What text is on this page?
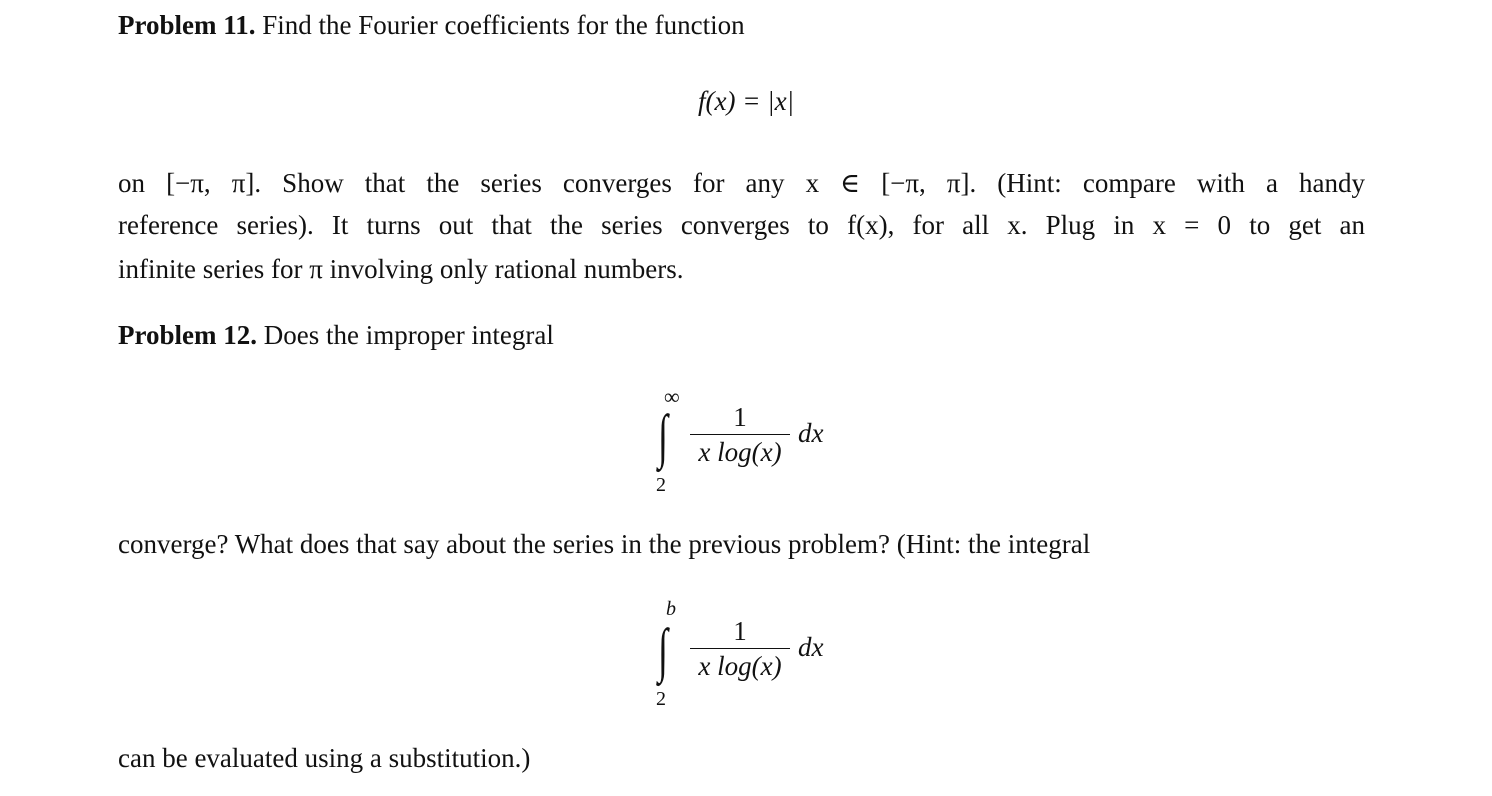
Problem 11. Find the Fourier coefficients for the function
f(x) = |x|
on [−π, π]. Show that the series converges for any x ∈ [−π, π]. (Hint: compare with a handy
reference series). It turns out that the series converges to f(x), for all x. Plug in x = 0 to get an
infinite series for π involving only rational numbers.
Problem 12. Does the improper integral
∞
∫
2
1
x log(x)
dx
converge? What does that say about the series in the previous problem? (Hint: the integral
b
∫
2
1
x log(x)
dx
can be evaluated using a substitution.)
